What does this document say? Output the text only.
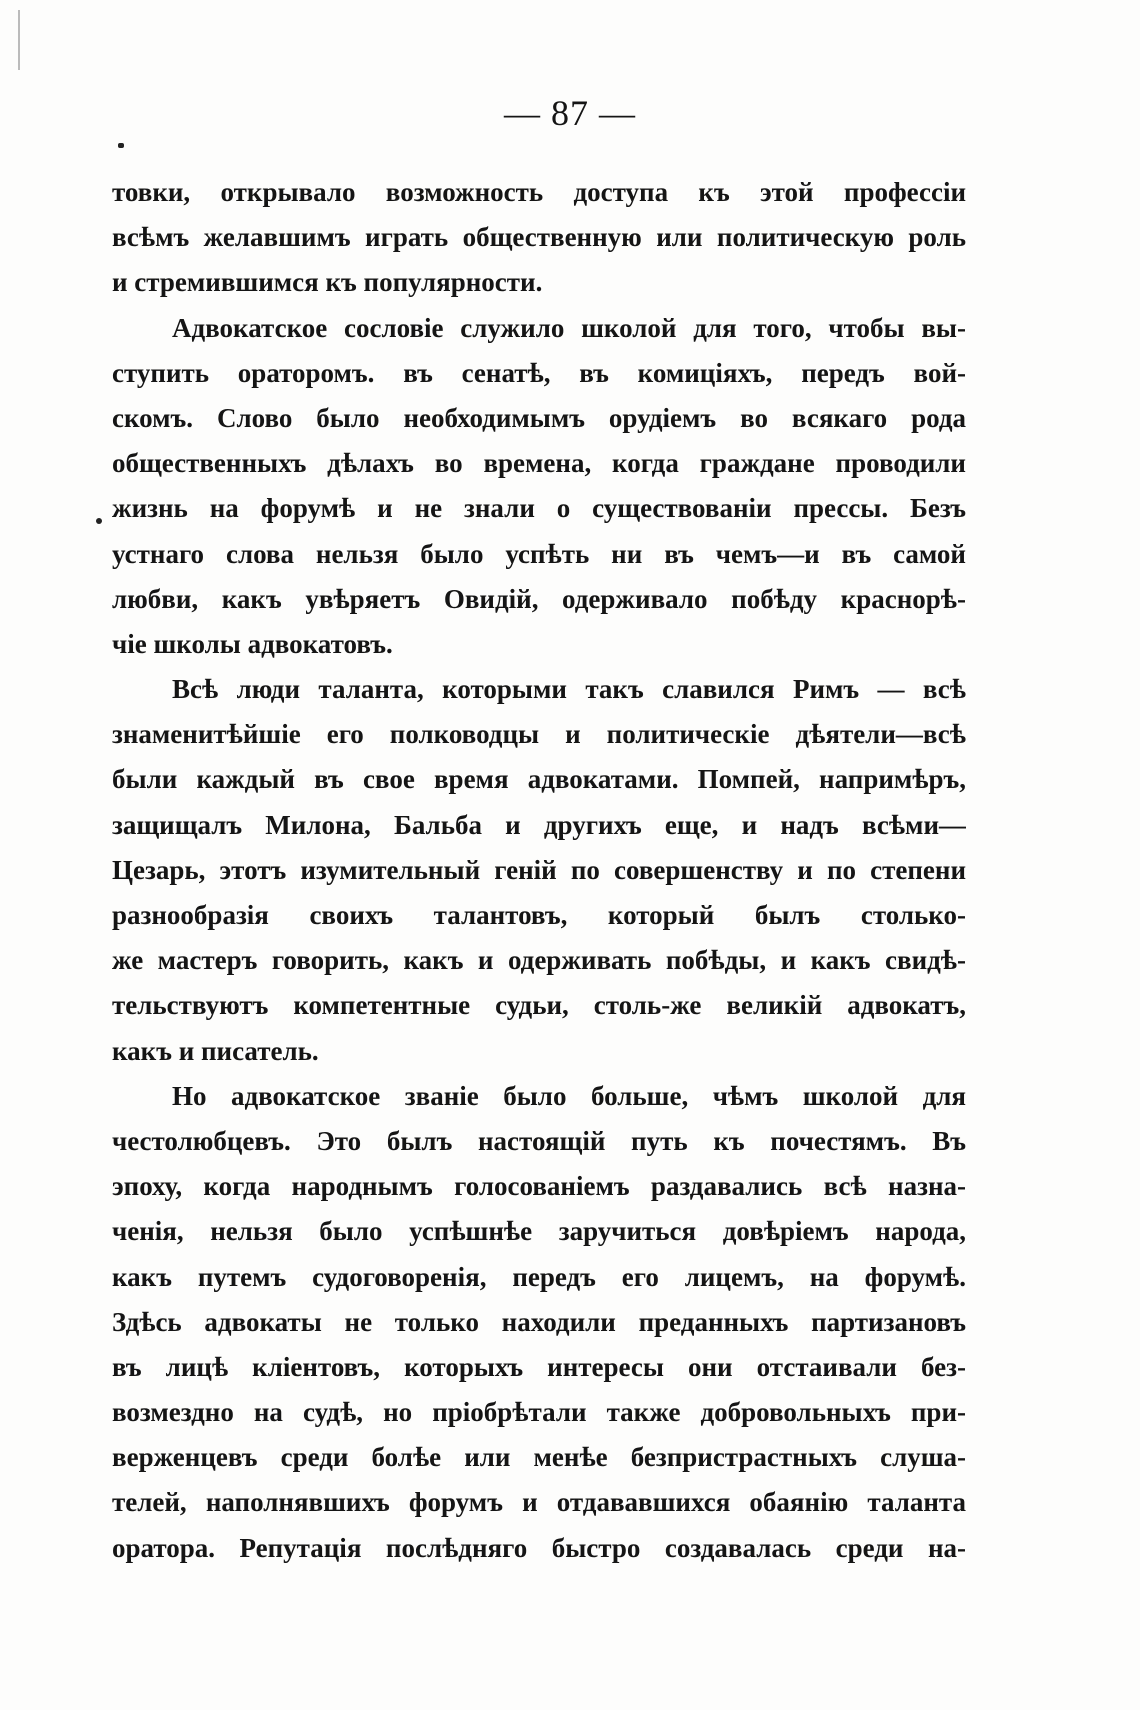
— 87 —
товки, открывало возможность доступа къ этой профессіи
всѣмъ желавшимъ играть общественную или политическую роль
и стремившимся къ популярности.
Адвокатское сословіе служило школой для того, чтобы вы-
ступить ораторомъ. въ сенатѣ, въ комиціяхъ, передъ вой-
скомъ. Слово было необходимымъ орудіемъ во всякаго рода
общественныхъ дѣлахъ во времена, когда граждане проводили
жизнь на форумѣ и не знали о существованіи прессы. Безъ
устнаго слова нельзя было успѣть ни въ чемъ—и въ самой
любви, какъ увѣряетъ Овидій, одерживало побѣду краснорѣ-
чіе школы адвокатовъ.
Всѣ люди таланта, которыми такъ славился Римъ — всѣ
знаменитѣйшіе его полководцы и политическіе дѣятели—всѣ
были каждый въ свое время адвокатами. Помпей, напримѣръ,
защищалъ Милона, Бальба и другихъ еще, и надъ всѣми—
Цезарь, этотъ изумительный геній по совершенству и по степени
разнообразія своихъ талантовъ, который былъ столько-
же мастеръ говорить, какъ и одерживать побѣды, и какъ свидѣ-
тельствуютъ компетентные судьи, столь-же великій адвокатъ,
какъ и писатель.
Но адвокатское званіе было больше, чѣмъ школой для
честолюбцевъ. Это былъ настоящій путь къ почестямъ. Въ
эпоху, когда народнымъ голосованіемъ раздавались всѣ назна-
ченія, нельзя было успѣшнѣе заручиться довѣріемъ народа,
какъ путемъ судоговоренія, передъ его лицемъ, на форумѣ.
Здѣсь адвокаты не только находили преданныхъ партизановъ
въ лицѣ кліентовъ, которыхъ интересы они отстаивали без-
возмездно на судѣ, но пріобрѣтали также добровольныхъ при-
верженцевъ среди болѣе или менѣе безпристрастныхъ слуша-
телей, наполнявшихъ форумъ и отдававшихся обаянію таланта
оратора. Репутація послѣдняго быстро создавалась среди на-
